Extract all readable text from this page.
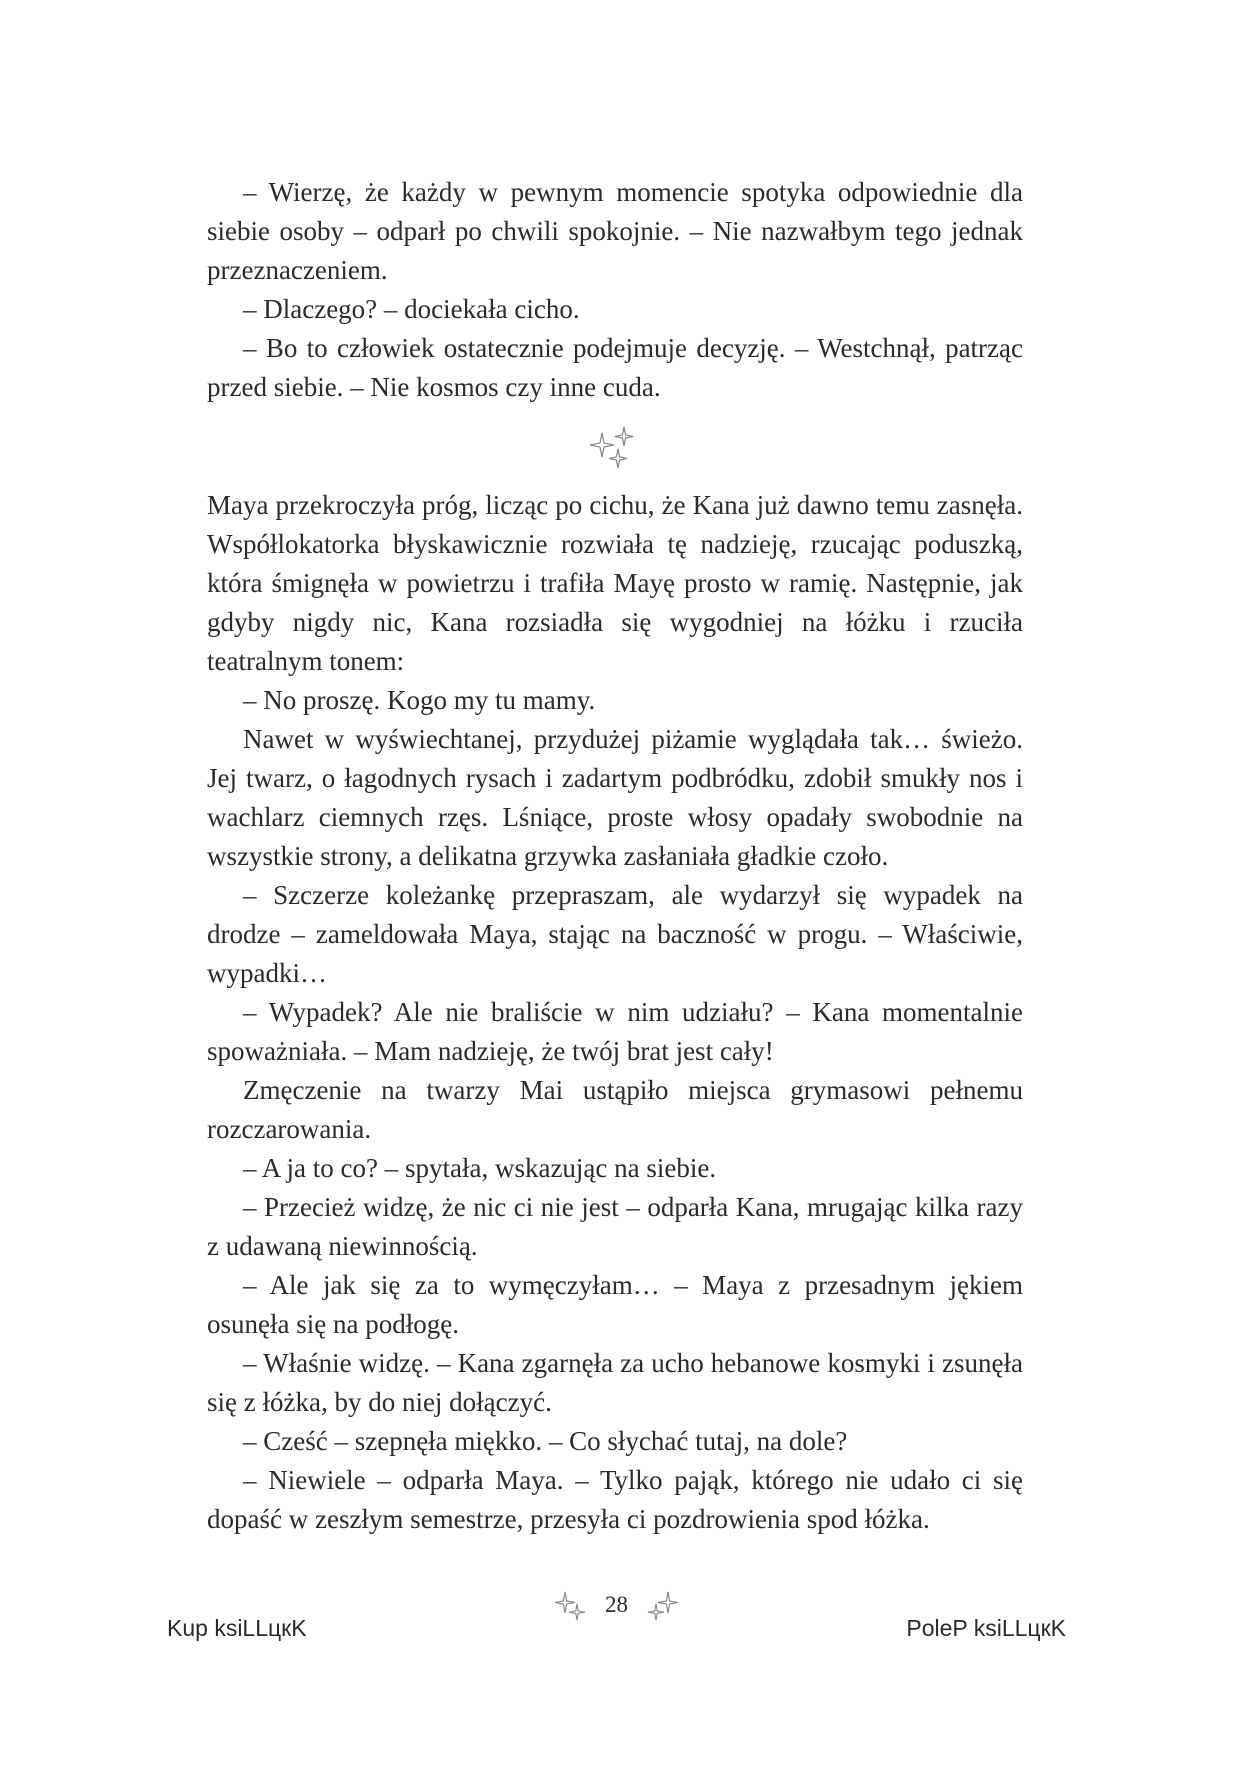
– Wierzę, że każdy w pewnym momencie spotyka odpowiednie dla siebie osoby – odparł po chwili spokojnie. – Nie nazwałbym tego jednak przeznaczeniem.

– Dlaczego? – dociekała cicho.

– Bo to człowiek ostatecznie podejmuje decyzję. – Westchnął, patrząc przed siebie. – Nie kosmos czy inne cuda.

Maya przekroczyła próg, licząc po cichu, że Kana już dawno temu zasnęła. Współlokatorka błyskawicznie rozwiała tę nadzieję, rzucając poduszką, która śmignęła w powietrzu i trafiła Mayę prosto w ramię. Następnie, jak gdyby nigdy nic, Kana rozsiadła się wygodniej na łóżku i rzuciła teatralnym tonem:

– No proszę. Kogo my tu mamy.

Nawet w wyświechtanej, przydużej piżamie wyglądała tak… świeżo. Jej twarz, o łagodnych rysach i zadartym podbródku, zdobił smukły nos i wachlarz ciemnych rzęs. Lśniące, proste włosy opadały swobodnie na wszystkie strony, a delikatna grzywka zasłaniała gładkie czoło.

– Szczerze koleżankę przepraszam, ale wydarzył się wypadek na drodze – zameldowała Maya, stając na baczność w progu. – Właściwie, wypadki…

– Wypadek? Ale nie braliście w nim udziału? – Kana momentalnie spoważniała. – Mam nadzieję, że twój brat jest cały!

Zmęczenie na twarzy Mai ustąpiło miejsca grymasowi pełnemu rozczarowania.

– A ja to co? – spytała, wskazując na siebie.

– Przecież widzę, że nic ci nie jest – odparła Kana, mrugając kilka razy z udawaną niewinnością.

– Ale jak się za to wymęczyłam… – Maya z przesadnym jękiem osunęła się na podłogę.

– Właśnie widzę. – Kana zgarnęła za ucho hebanowe kosmyki i zsunęła się z łóżka, by do niej dołączyć.

– Cześć – szepnęła miękko. – Co słychać tutaj, na dole?

– Niewiele – odparła Maya. – Tylko pająk, którego nie udało ci się dopaść w zeszłym semestrze, przesyła ci pozdrowienia spod łóżka.

28
Kup ksiLLцкK	PoleP ksiLLцкK
